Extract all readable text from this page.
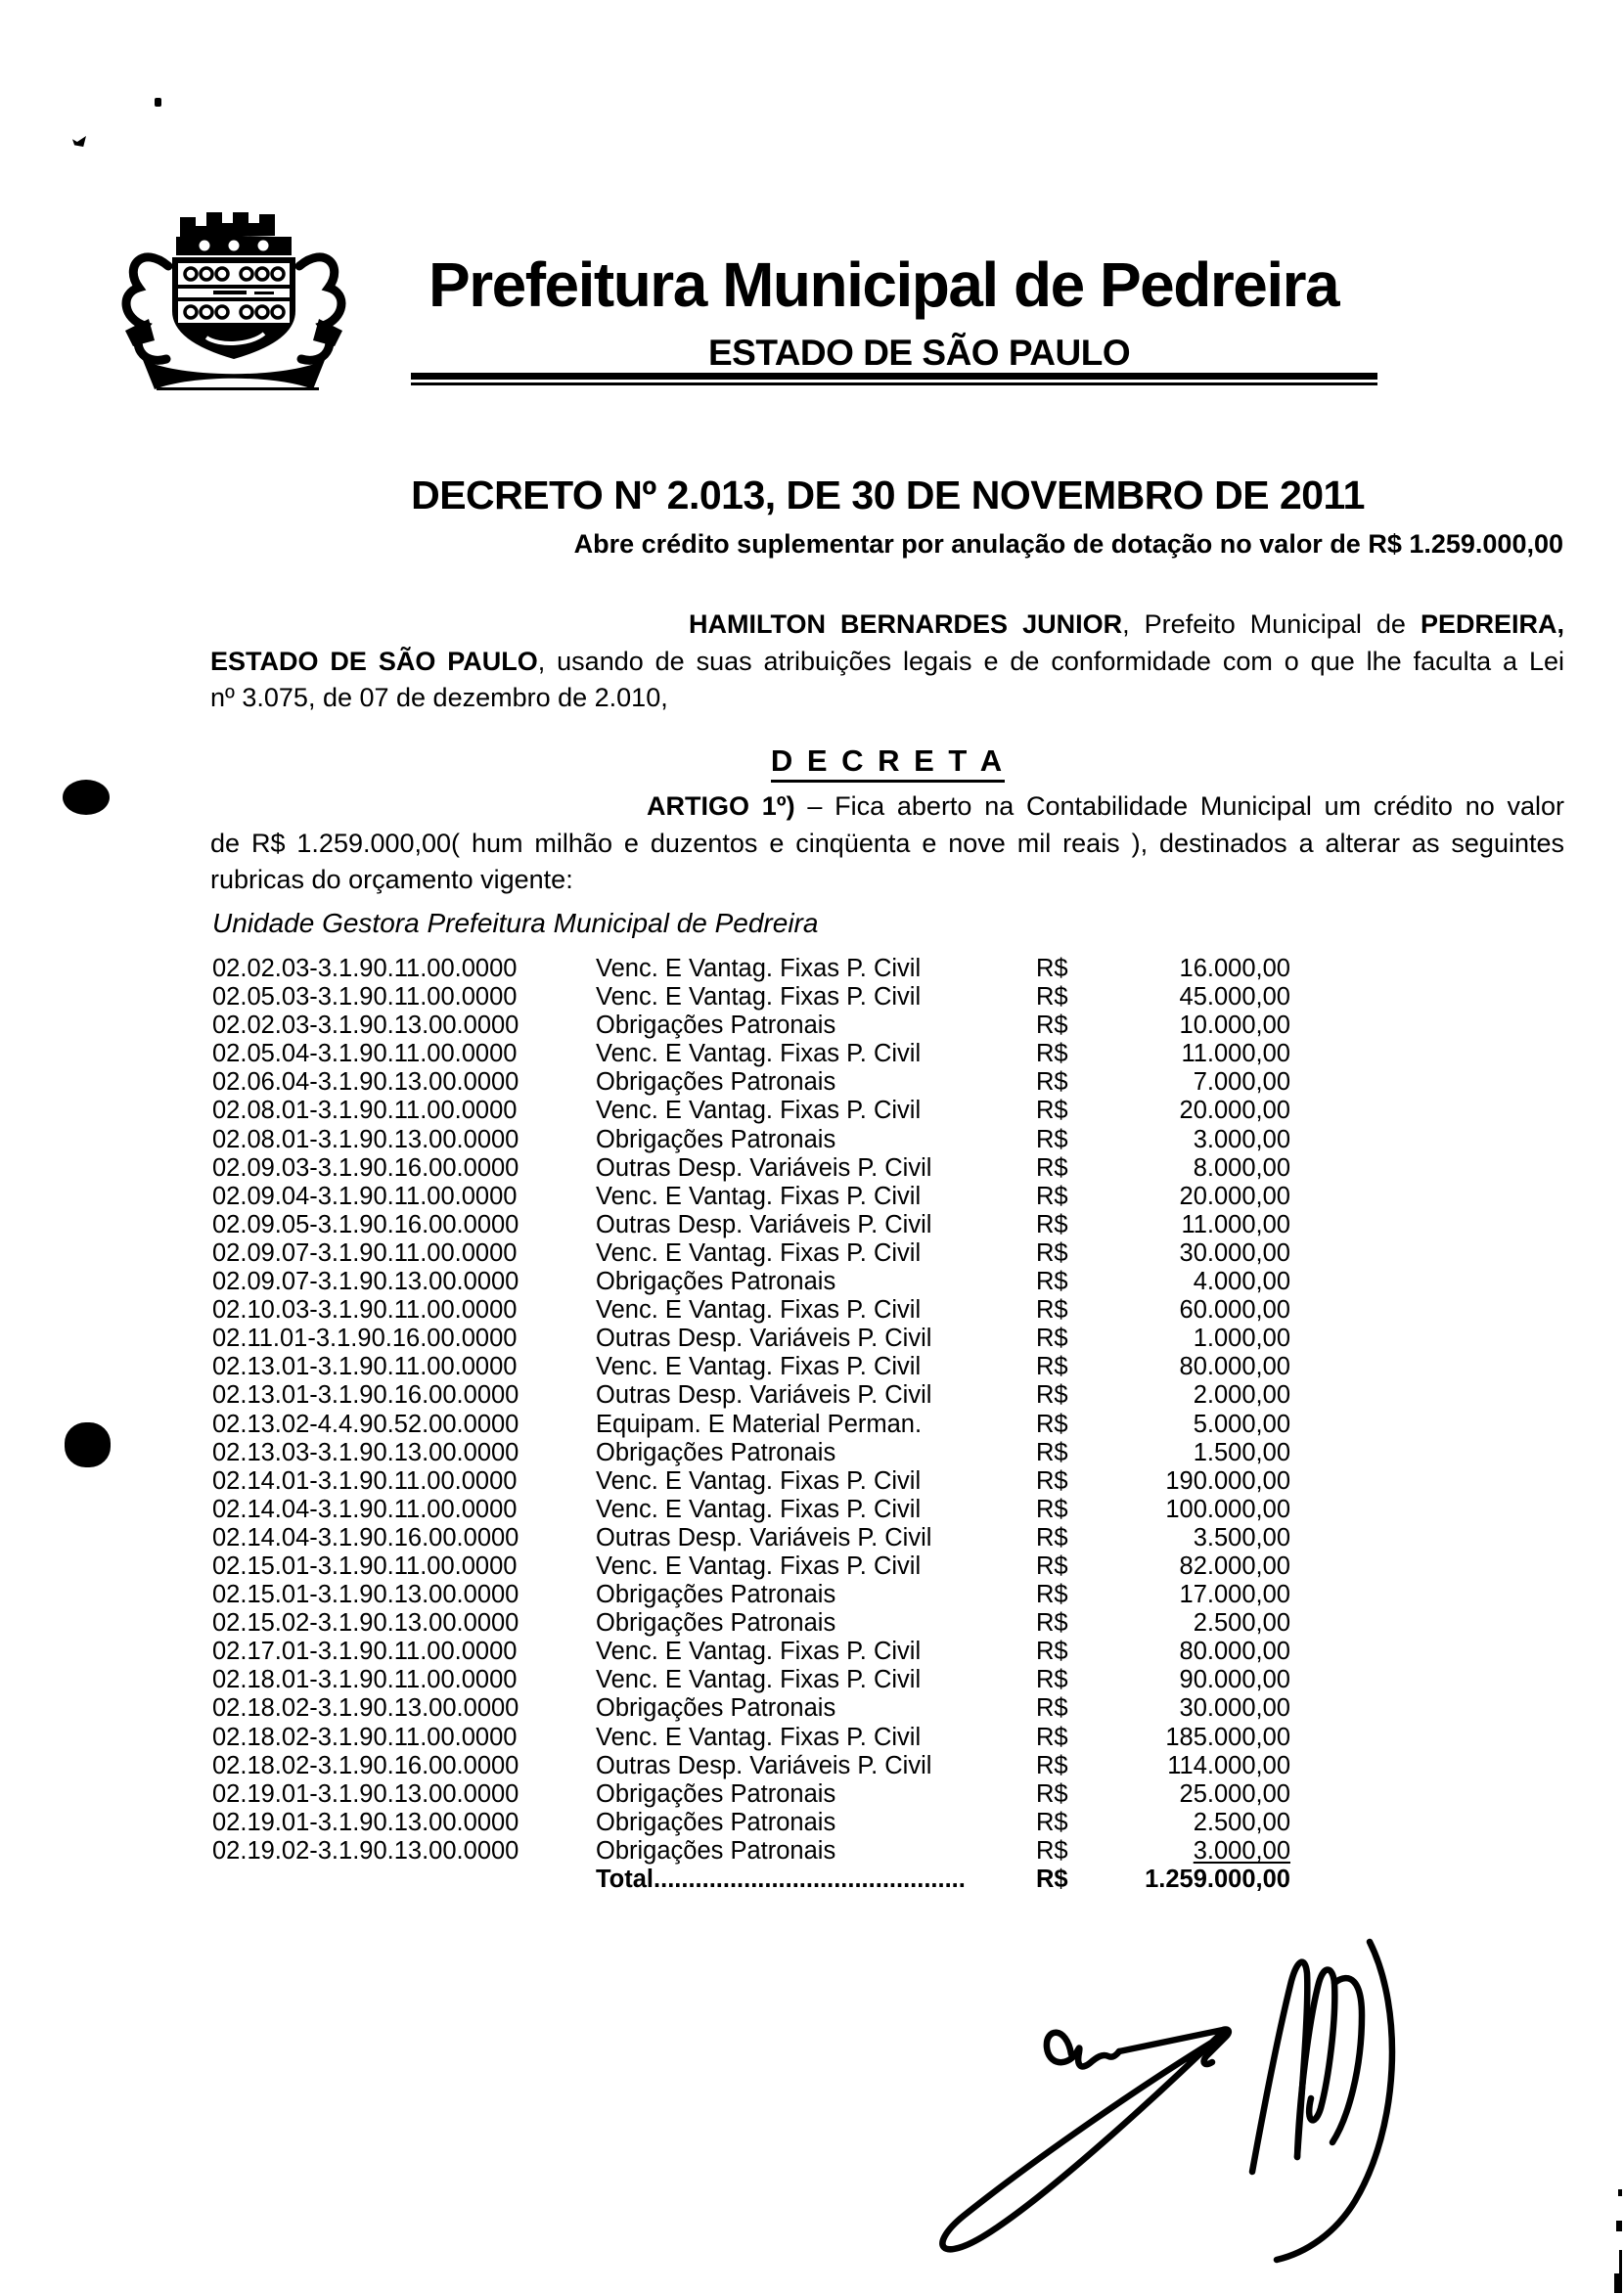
Prefeitura Municipal de Pedreira
ESTADO DE SÃO PAULO
DECRETO Nº 2.013, DE 30 DE NOVEMBRO DE 2011
Abre crédito suplementar por anulação de dotação no valor de R$ 1.259.000,00
HAMILTON BERNARDES JUNIOR, Prefeito Municipal de PEDREIRA,
ESTADO DE SÃO PAULO, usando de suas atribuições legais e de conformidade com o que lhe faculta a Lei
nº 3.075, de 07 de dezembro de 2.010,
D E C R E T A
ARTIGO 1º) – Fica aberto na Contabilidade Municipal um crédito no valor
de R$ 1.259.000,00( hum milhão e duzentos e cinqüenta e nove mil reais ), destinados a alterar as seguintes
rubricas do orçamento vigente:
Unidade Gestora Prefeitura Municipal de Pedreira
02.02.03-3.1.90.11.00.0000	Venc. E Vantag. Fixas P. Civil	R$	16.000,00
02.05.03-3.1.90.11.00.0000	Venc. E Vantag. Fixas P. Civil	R$	45.000,00
02.02.03-3.1.90.13.00.0000	Obrigações Patronais	R$	10.000,00
02.05.04-3.1.90.11.00.0000	Venc. E Vantag. Fixas P. Civil	R$	11.000,00
02.06.04-3.1.90.13.00.0000	Obrigações Patronais	R$	7.000,00
02.08.01-3.1.90.11.00.0000	Venc. E Vantag. Fixas P. Civil	R$	20.000,00
02.08.01-3.1.90.13.00.0000	Obrigações Patronais	R$	3.000,00
02.09.03-3.1.90.16.00.0000	Outras Desp. Variáveis P. Civil	R$	8.000,00
02.09.04-3.1.90.11.00.0000	Venc. E Vantag. Fixas P. Civil	R$	20.000,00
02.09.05-3.1.90.16.00.0000	Outras Desp. Variáveis P. Civil	R$	11.000,00
02.09.07-3.1.90.11.00.0000	Venc. E Vantag. Fixas P. Civil	R$	30.000,00
02.09.07-3.1.90.13.00.0000	Obrigações Patronais	R$	4.000,00
02.10.03-3.1.90.11.00.0000	Venc. E Vantag. Fixas P. Civil	R$	60.000,00
02.11.01-3.1.90.16.00.0000	Outras Desp. Variáveis P. Civil	R$	1.000,00
02.13.01-3.1.90.11.00.0000	Venc. E Vantag. Fixas P. Civil	R$	80.000,00
02.13.01-3.1.90.16.00.0000	Outras Desp. Variáveis P. Civil	R$	2.000,00
02.13.02-4.4.90.52.00.0000	Equipam. E Material Perman.	R$	5.000,00
02.13.03-3.1.90.13.00.0000	Obrigações Patronais	R$	1.500,00
02.14.01-3.1.90.11.00.0000	Venc. E Vantag. Fixas P. Civil	R$	190.000,00
02.14.04-3.1.90.11.00.0000	Venc. E Vantag. Fixas P. Civil	R$	100.000,00
02.14.04-3.1.90.16.00.0000	Outras Desp. Variáveis P. Civil	R$	3.500,00
02.15.01-3.1.90.11.00.0000	Venc. E Vantag. Fixas P. Civil	R$	82.000,00
02.15.01-3.1.90.13.00.0000	Obrigações Patronais	R$	17.000,00
02.15.02-3.1.90.13.00.0000	Obrigações Patronais	R$	2.500,00
02.17.01-3.1.90.11.00.0000	Venc. E Vantag. Fixas P. Civil	R$	80.000,00
02.18.01-3.1.90.11.00.0000	Venc. E Vantag. Fixas P. Civil	R$	90.000,00
02.18.02-3.1.90.13.00.0000	Obrigações Patronais	R$	30.000,00
02.18.02-3.1.90.11.00.0000	Venc. E Vantag. Fixas P. Civil	R$	185.000,00
02.18.02-3.1.90.16.00.0000	Outras Desp. Variáveis P. Civil	R$	114.000,00
02.19.01-3.1.90.13.00.0000	Obrigações Patronais	R$	25.000,00
02.19.01-3.1.90.13.00.0000	Obrigações Patronais	R$	2.500,00
02.19.02-3.1.90.13.00.0000	Obrigações Patronais	R$	3.000,00
Total.............................................	R$	1.259.000,00
